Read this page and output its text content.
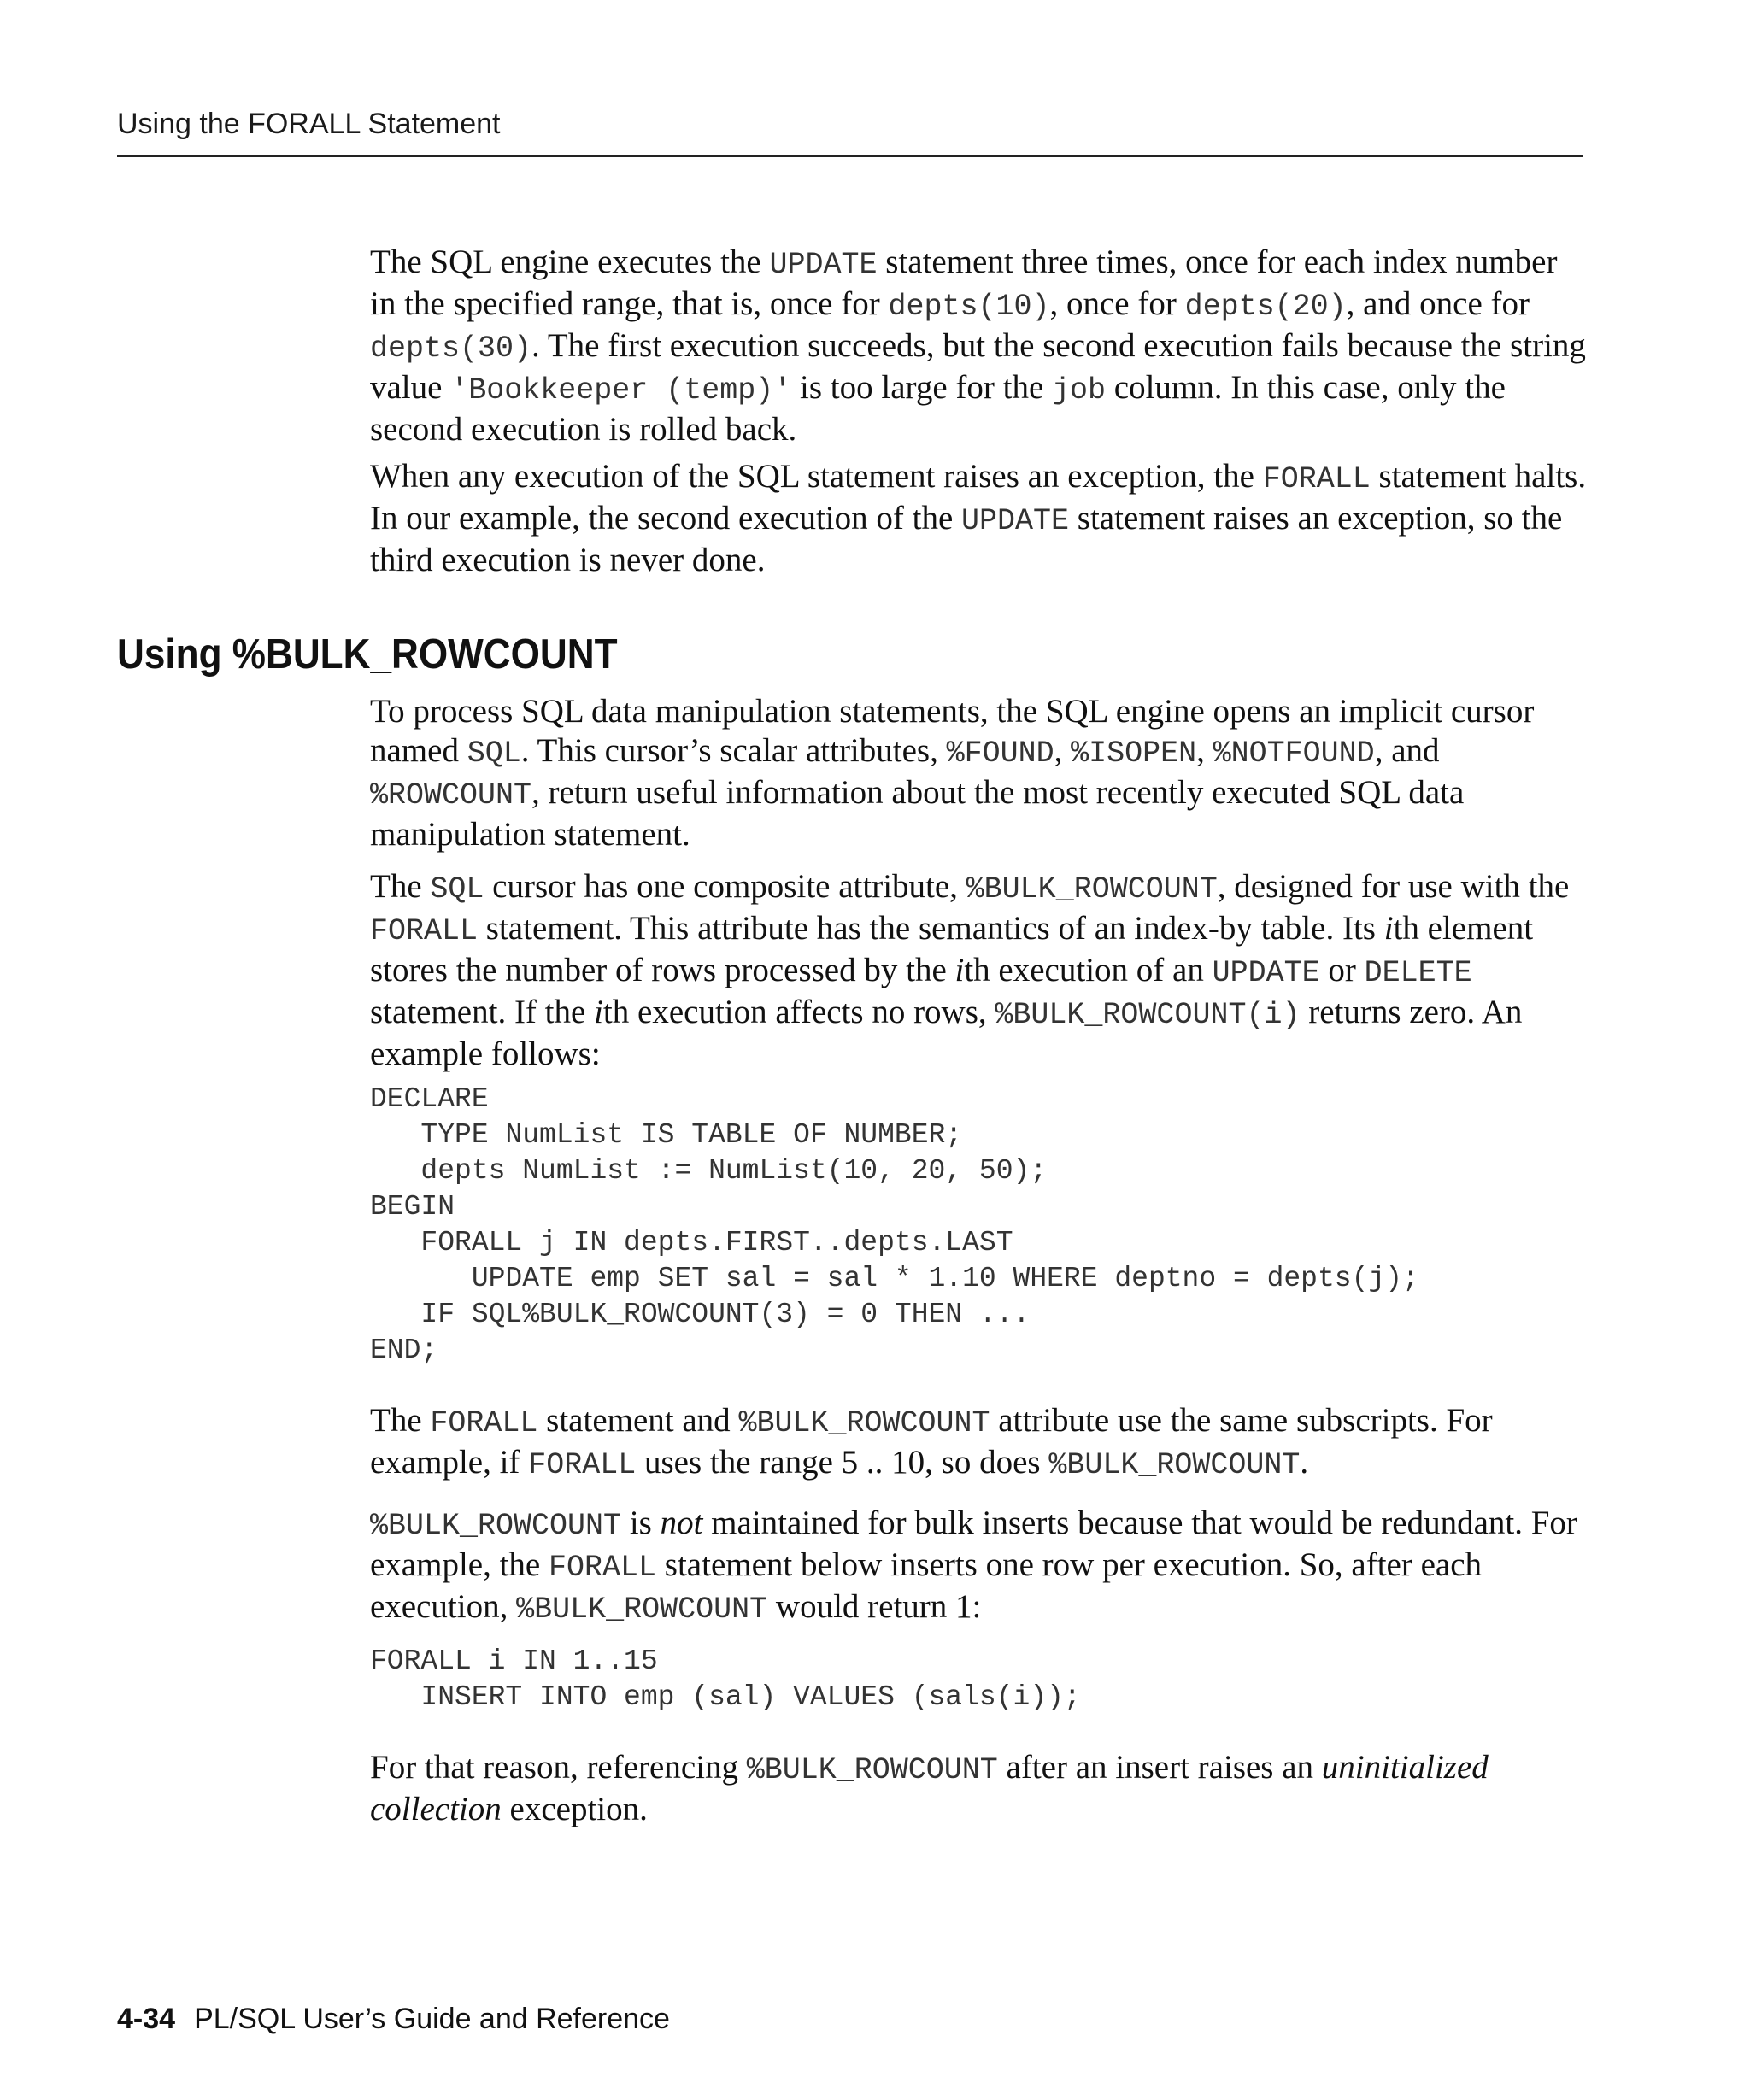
Using the FORALL Statement

The SQL engine executes the UPDATE statement three times, once for each index number in the specified range, that is, once for depts(10), once for depts(20), and once for depts(30). The first execution succeeds, but the second execution fails because the string value 'Bookkeeper (temp)' is too large for the job column. In this case, only the second execution is rolled back.

When any execution of the SQL statement raises an exception, the FORALL statement halts. In our example, the second execution of the UPDATE statement raises an exception, so the third execution is never done.

Using %BULK_ROWCOUNT

To process SQL data manipulation statements, the SQL engine opens an implicit cursor named SQL. This cursor’s scalar attributes, %FOUND, %ISOPEN, %NOTFOUND, and %ROWCOUNT, return useful information about the most recently executed SQL data manipulation statement.

The SQL cursor has one composite attribute, %BULK_ROWCOUNT, designed for use with the FORALL statement. This attribute has the semantics of an index-by table. Its ith element stores the number of rows processed by the ith execution of an UPDATE or DELETE statement. If the ith execution affects no rows, %BULK_ROWCOUNT(i) returns zero. An example follows:

DECLARE
TYPE NumList IS TABLE OF NUMBER;
depts NumList := NumList(10, 20, 50);
BEGIN
FORALL j IN depts.FIRST..depts.LAST
UPDATE emp SET sal = sal * 1.10 WHERE deptno = depts(j);
IF SQL%BULK_ROWCOUNT(3) = 0 THEN ...
END;

The FORALL statement and %BULK_ROWCOUNT attribute use the same subscripts. For example, if FORALL uses the range 5 .. 10, so does %BULK_ROWCOUNT.

%BULK_ROWCOUNT is not maintained for bulk inserts because that would be redundant. For example, the FORALL statement below inserts one row per execution. So, after each execution, %BULK_ROWCOUNT would return 1:

FORALL i IN 1..15
INSERT INTO emp (sal) VALUES (sals(i));

For that reason, referencing %BULK_ROWCOUNT after an insert raises an uninitialized collection exception.

4-34 PL/SQL User’s Guide and Reference
